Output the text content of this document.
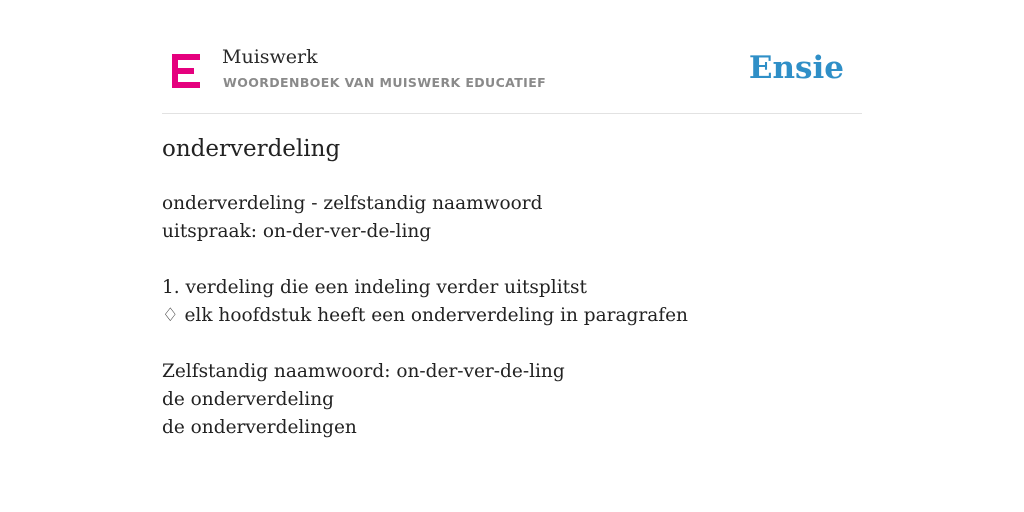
Muiswerk
WOORDENBOEK VAN MUISWERK EDUCATIEF	Ensie
onderverdeling
onderverdeling - zelfstandig naamwoord
uitspraak: on-der-ver-de-ling
1. verdeling die een indeling verder uitsplitst
♢ elk hoofdstuk heeft een onderverdeling in paragrafen
Zelfstandig naamwoord: on-der-ver-de-ling
de onderverdeling
de onderverdelingen
